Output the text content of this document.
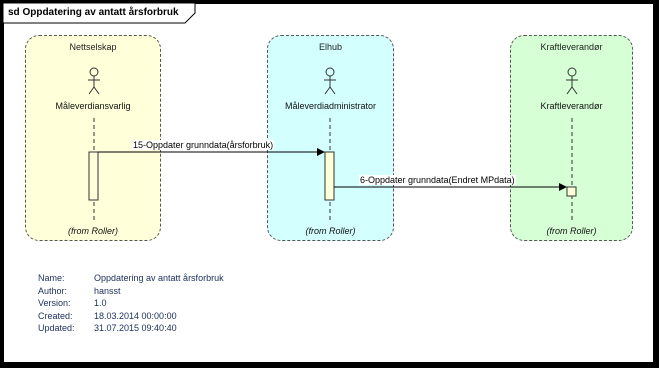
sd Oppdatering av antatt årsforbruk
Nettselskap
Måleverdiansvarlig
(from Roller)
Elhub
Måleverdiadministrator
(from Roller)
Kraftleverandør
Kraftleverandør
(from Roller)
15-Oppdater grunndata(årsforbruk)
6-Oppdater grunndata(Endret MPdata)
Name:	Oppdatering av antatt årsforbruk
Author:	hansst
Version:	1.0
Created:	18.03.2014 00:00:00
Updated:	31.07.2015 09:40:40
